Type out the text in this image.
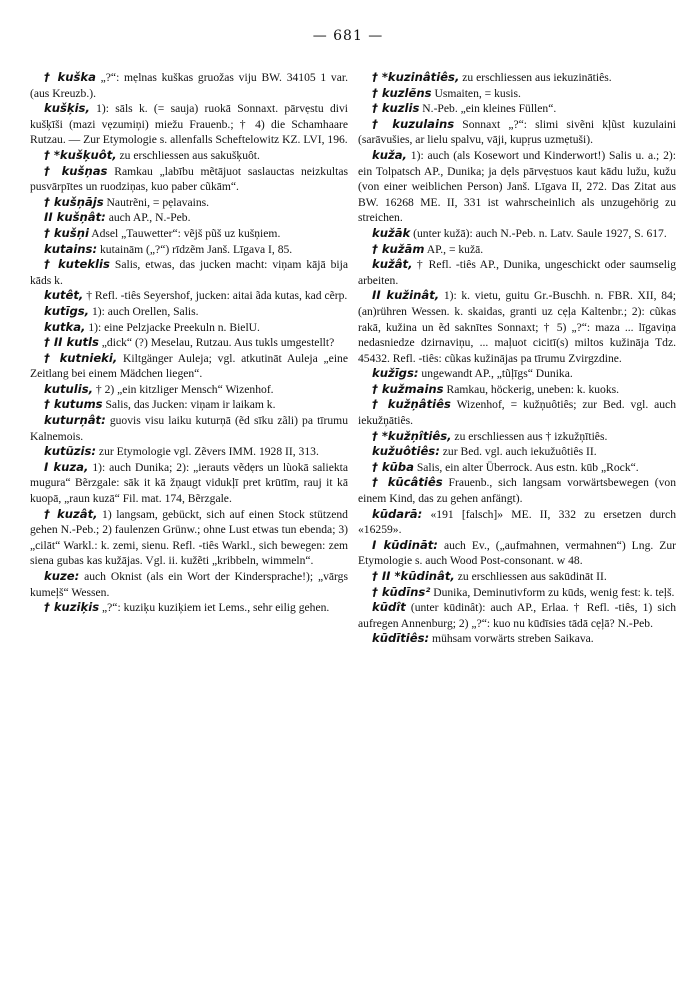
— 681 —
† kuška „?“: mẹlnas kuškas gruožas viju BW. 34105 1 var. (aus Kreuzb.).
kušķis, 1): sāls k. (= sauja) ruokā Sonnaxt. pārvẹstu divi kušķīši (mazi vẹzumiņi) miežu Frauenb.; † 4) die Schamhaare Rutzau. — Zur Etymologie s. allenfalls Scheftelowitz KZ. LVI, 196.
† *kušķuôt, zu erschliessen aus sakušķuôt.
† kušņas Ramkau „labību mẽtājuot saslauctas neizkultas pusvārpītes un ruodziņas, kuo paber cũkām“.
† kušņājs Nautrẽni, = pẹlavains.
II kušņât: auch AP., N.-Peb.
† kušņi Adsel „Tauwetter“: vẽjš pũš uz kušņiem.
kutains: kutainām („?“) rīdzẽm Janš. Līgava I, 85.
† kuteklis Salis, etwas, das jucken macht: viņam kājā bija kāds k.
kutêt, † Refl. -tiês Seyershof, jucken: aitai ãda kutas, kad cẽrp.
kutīgs, 1): auch Orellen, Salis.
kutka, 1): eine Pelzjacke Preekuln n. BielU.
† II kutls „dick“ (?) Meselau, Rutzau. Aus tukls umgestellt?
† kutnieki, Kiltgänger Auleja; vgl. atkutināt Auleja „eine Zeitlang bei einem Mädchen liegen“.
kutulis, † 2) „ein kitzliger Mensch“ Wizenhof.
† kutums Salis, das Jucken: viņam ir laikam k.
kuturņât: guovis visu laiku kuturņā (ẽd sīku zãli) pa tīrumu Kalnemois.
kutũzis: zur Etymologie vgl. Zẽvers IMM. 1928 II, 313.
I kuza, 1): auch Dunika; 2): „ierauts vẽdẹrs un lùokā saliekta mugura“ Bẽrzgale: sāk it kā žņaugt vidukļī pret krūtīm, rauj it kā kuopā, „raun kuzā“ Fil. mat. 174, Bẽrzgale.
† kuzât, 1) langsam, gebückt, sich auf einen Stock stützend gehen N.-Peb.; 2) faulenzen Grünw.; ohne Lust etwas tun ebenda; 3) „cilāt“ Warkl.: k. zemi, sienu. Refl. -tiês Warkl., sich bewegen: zem siena gubas kas kužājas. Vgl. ii. kužẽti „kribbeln, wimmeln“.
kuze: auch Oknist (als ein Wort der Kindersprache!); „vārgs kumeļš“ Wessen.
† kuziķis „?“: kuziķu kuziķiem iet Lems., sehr eilig gehen.
† *kuzinâtiês, zu erschliessen aus iekuzinātiês.
† kuzlẽns Usmaiten, = kusis.
† kuzlis N.-Peb. „ein kleines Füllen“.
† kuzulains Sonnaxt „?“: slimi sivẽni kļũst kuzulaini (sarāvušies, ar lielu spalvu, vāji, kupṛus uzmẹtuši).
kuža, 1): auch (als Kosewort und Kinderwort!) Salis u. a.; 2): ein Tolpatsch AP., Dunika; ja dẹls pārvẹstuos kaut kādu lužu, kužu (von einer weiblichen Person) Janš. Līgava II, 272. Das Zitat aus BW. 16268 ME. II, 331 ist wahrscheinlich als unzugehörig zu streichen.
kužāk (unter kužā): auch N.-Peb. n. Latv. Saule 1927, S. 617.
† kužām AP., = kužā.
kužât, † Refl. -tiês AP., Dunika, ungeschickt oder saumselig arbeiten.
II kužinât, 1): k. vietu, guitu Gr.-Buschh. n. FBR. XII, 84; (an)rühren Wessen. k. skaidas, granti uz cẹļa Kaltenbr.; 2): cũkas rakā, kužina un ẽd saknītes Sonnaxt; † 5) „?“: maza ... līgaviņa nedasniedze dzirnaviņu, ... maļuot cicitī(s) miltos kužināja Tdz. 45432. Refl. -tiês: cũkas kužinājas pa tīrumu Zvirgzdine.
kužīgs: ungewandt AP., „tũļīgs“ Dunika.
† kužmains Ramkau, höckerig, uneben: k. kuoks.
† kužņâtiês Wizenhof, = kužņuôtiês; zur Bed. vgl. auch iekužņātiês.
† *kužņîtiês, zu erschliessen aus † izkužņītiês.
kužuôtiês: zur Bed. vgl. auch iekužuôtiês II.
† kūba Salis, ein alter Überrock. Aus estn. kūb „Rock“.
† kūcâtiês Frauenb., sich langsam vorwärtsbewegen (von einem Kind, das zu gehen anfängt).
kūdarā: «191 [falsch]» ME. II, 332 zu ersetzen durch «16259».
I kūdināt: auch Ev., („aufmahnen, vermahnen“) Lng. Zur Etymologie s. auch Wood Post-consonant. w 48.
† II *kūdinât, zu erschliessen aus sakūdināt II.
† kūdīns² Dunika, Deminutivform zu kūds, wenig fest: k. teļš.
kūdît (unter kūdinât): auch AP., Erlaa. † Refl. -tiês, 1) sich aufregen Annenburg; 2) „?“: kuo nu kūdīsies tādā cẹļā? N.-Peb.
kūdītiês: mühsam vorwärts streben Saikava.
